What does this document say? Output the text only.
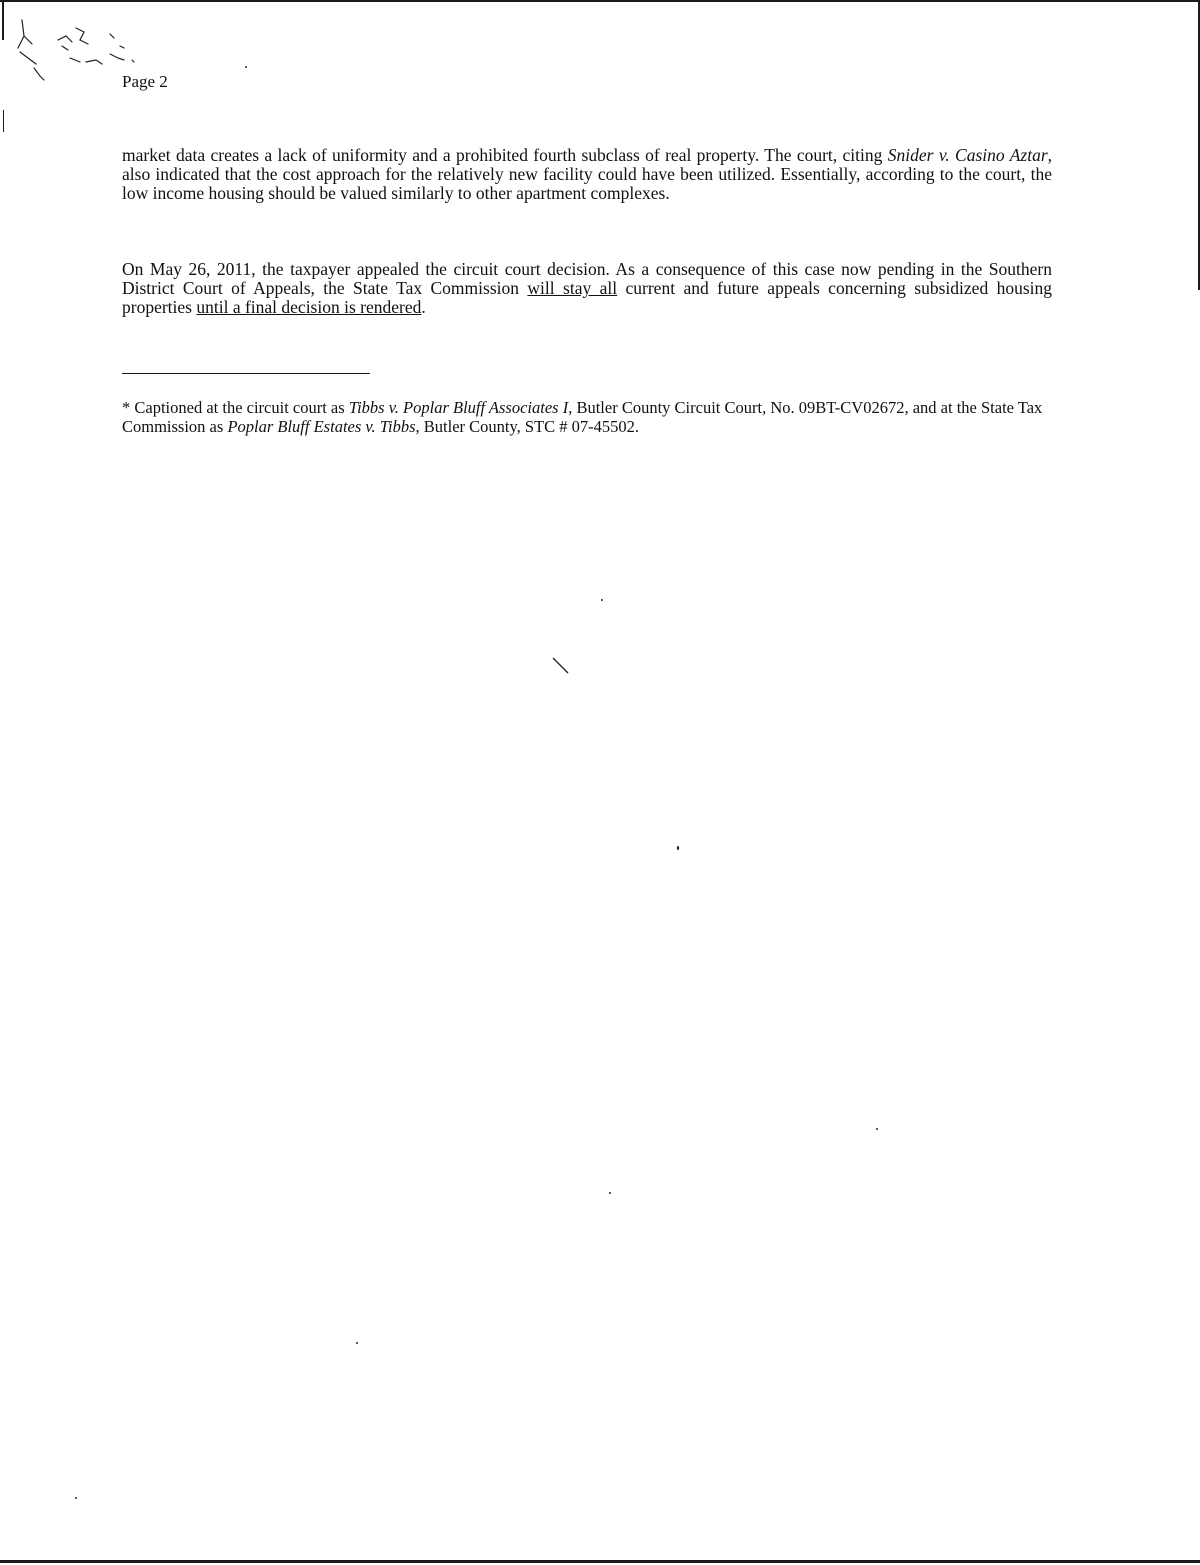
Page 2

market data creates a lack of uniformity and a prohibited fourth subclass of real property. The court, citing Snider v. Casino Aztar, also indicated that the cost approach for the relatively new facility could have been utilized. Essentially, according to the court, the low income housing should be valued similarly to other apartment complexes.

On May 26, 2011, the taxpayer appealed the circuit court decision. As a consequence of this case now pending in the Southern District Court of Appeals, the State Tax Commission will stay all current and future appeals concerning subsidized housing properties until a final decision is rendered.

* Captioned at the circuit court as Tibbs v. Poplar Bluff Associates I, Butler County Circuit Court, No. 09BT-CV02672, and at the State Tax Commission as Poplar Bluff Estates v. Tibbs, Butler County, STC # 07-45502.
